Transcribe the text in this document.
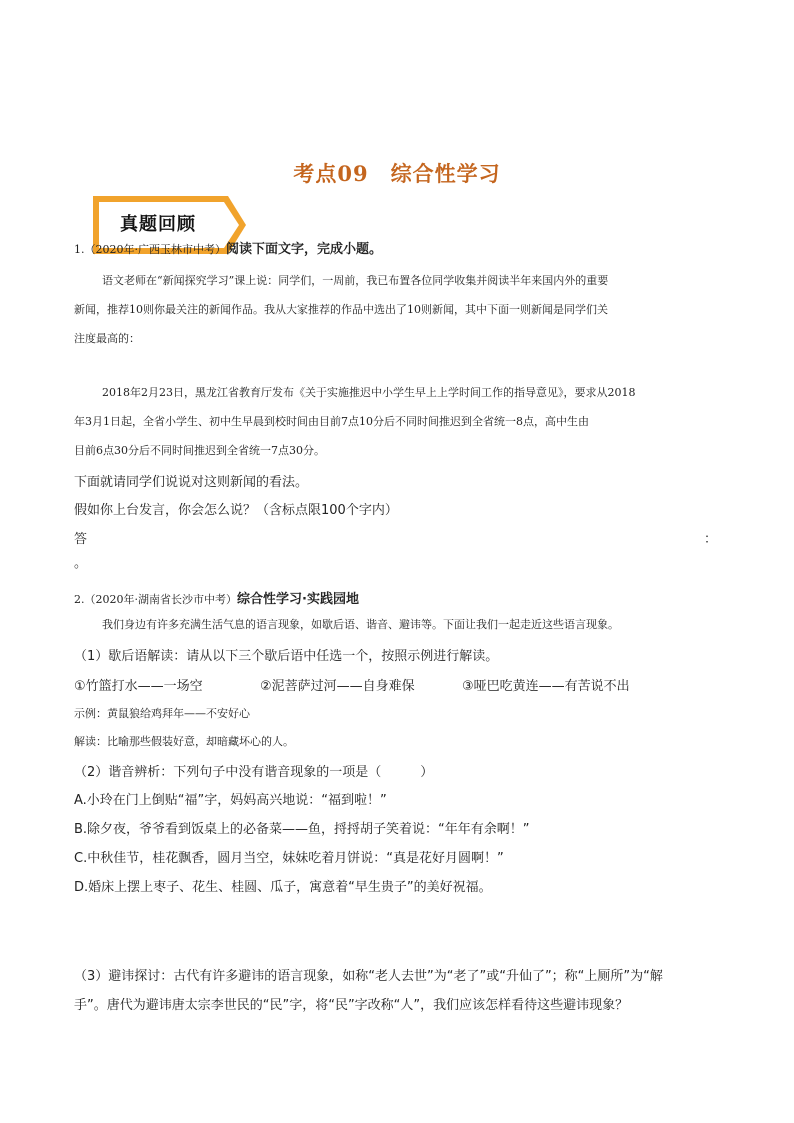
考点09 综合性学习
真题回顾
1.（2020年·广西玉林市中考）阅读下面文字，完成小题。
语文老师在“新闻探究学习”课上说：同学们，一周前，我已布置各位同学收集并阅读半年来国内外的重要
新闻，推荐10则你最关注的新闻作品。我从大家推荐的作品中选出了10则新闻，其中下面一则新闻是同学们关
注度最高的：
2018年2月23日，黑龙江省教育厅发布《关于实施推迟中小学生早上上学时间工作的指导意见》，要求从2018
年3月1日起，全省小学生、初中生早晨到校时间由目前7点10分后不同时间推迟到全省统一8点，高中生由
目前6点30分后不同时间推迟到全省统一7点30分。
下面就请同学们说说对这则新闻的看法。
假如你上台发言，你会怎么说？（含标点限100个字内）
答	：
。
2.（2020年·湖南省长沙市中考）综合性学习·实践园地
我们身边有许多充满生活气息的语言现象，如歇后语、谐音、避讳等。下面让我们一起走近这些语言现象。
（1）歇后语解读：请从以下三个歇后语中任选一个，按照示例进行解读。
①竹篮打水——一场空	②泥菩萨过河——自身难保	③哑巴吃黄连——有苦说不出
示例：黄鼠狼给鸡拜年——不安好心
解读：比喻那些假装好意，却暗藏坏心的人。
（2）谐音辨析：下列句子中没有谐音现象的一项是（　　　）
A.小玲在门上倒贴“福”字，妈妈高兴地说：“福到啦！”
B.除夕夜，爷爷看到饭桌上的必备菜——鱼，捋捋胡子笑着说：“年年有余啊！”
C.中秋佳节，桂花飘香，圆月当空，妹妹吃着月饼说：“真是花好月圆啊！”
D.婚床上摆上枣子、花生、桂圆、瓜子，寓意着“早生贵子”的美好祝福。
（3）避讳探讨：古代有许多避讳的语言现象，如称“老人去世”为“老了”或“升仙了”；称“上厕所”为“解
手”。唐代为避讳唐太宗李世民的“民”字，将“民”字改称“人”，我们应该怎样看待这些避讳现象？
